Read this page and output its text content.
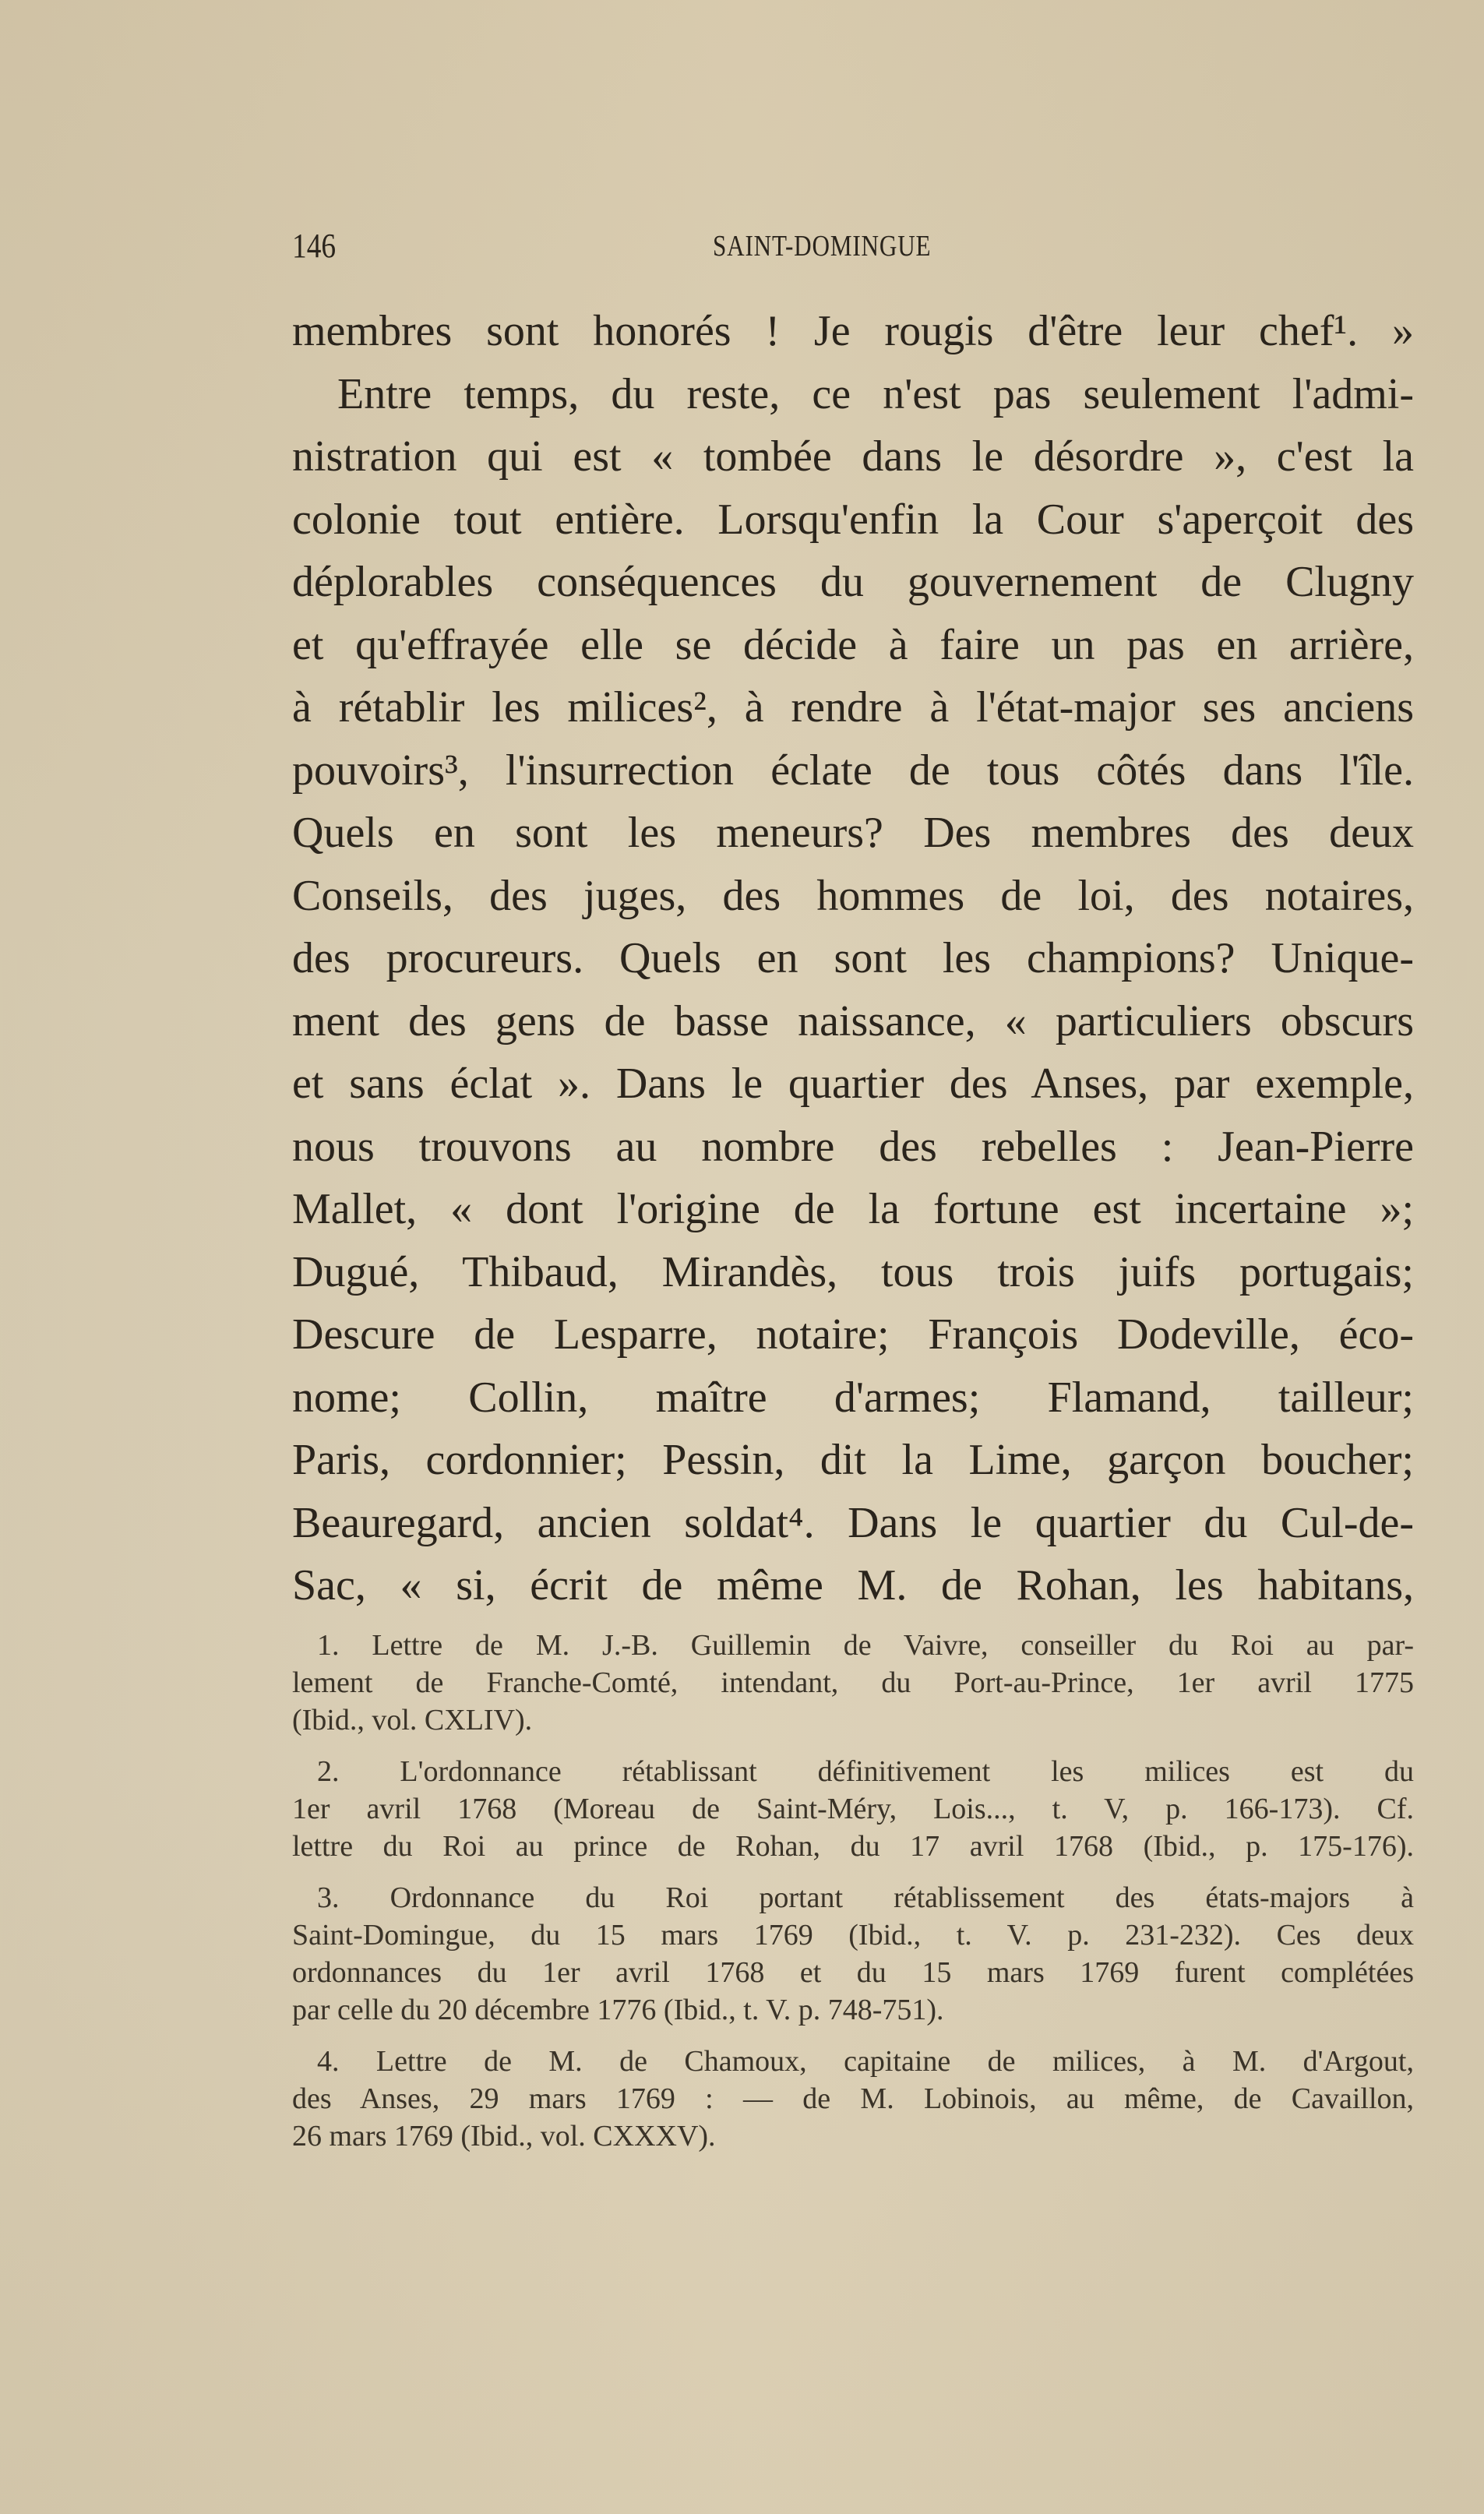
146	SAINT-DOMINGUE
membres sont honorés ! Je rougis d'être leur chef¹. »
Entre temps, du reste, ce n'est pas seulement l'admi-
nistration qui est « tombée dans le désordre », c'est la
colonie tout entière. Lorsqu'enfin la Cour s'aperçoit des
déplorables conséquences du gouvernement de Clugny
et qu'effrayée elle se décide à faire un pas en arrière,
à rétablir les milices², à rendre à l'état-major ses anciens
pouvoirs³, l'insurrection éclate de tous côtés dans l'île.
Quels en sont les meneurs? Des membres des deux
Conseils, des juges, des hommes de loi, des notaires,
des procureurs. Quels en sont les champions? Unique-
ment des gens de basse naissance, « particuliers obscurs
et sans éclat ». Dans le quartier des Anses, par exemple,
nous trouvons au nombre des rebelles : Jean-Pierre
Mallet, « dont l'origine de la fortune est incertaine »;
Dugué, Thibaud, Mirandès, tous trois juifs portugais;
Descure de Lesparre, notaire; François Dodeville, éco-
nome; Collin, maître d'armes; Flamand, tailleur;
Paris, cordonnier; Pessin, dit la Lime, garçon boucher;
Beauregard, ancien soldat⁴. Dans le quartier du Cul-de-
Sac, « si, écrit de même M. de Rohan, les habitans,
1. Lettre de M. J.-B. Guillemin de Vaivre, conseiller du Roi au par-
lement de Franche-Comté, intendant, du Port-au-Prince, 1er avril 1775
(Ibid., vol. CXLIV).
2. L'ordonnance rétablissant définitivement les milices est du
1er avril 1768 (Moreau de Saint-Méry, Lois..., t. V, p. 166-173). Cf.
lettre du Roi au prince de Rohan, du 17 avril 1768 (Ibid., p. 175-176).
3. Ordonnance du Roi portant rétablissement des états-majors à
Saint-Domingue, du 15 mars 1769 (Ibid., t. V. p. 231-232). Ces deux
ordonnances du 1er avril 1768 et du 15 mars 1769 furent complétées
par celle du 20 décembre 1776 (Ibid., t. V. p. 748-751).
4. Lettre de M. de Chamoux, capitaine de milices, à M. d'Argout,
des Anses, 29 mars 1769 : — de M. Lobinois, au même, de Cavaillon,
26 mars 1769 (Ibid., vol. CXXXV).
